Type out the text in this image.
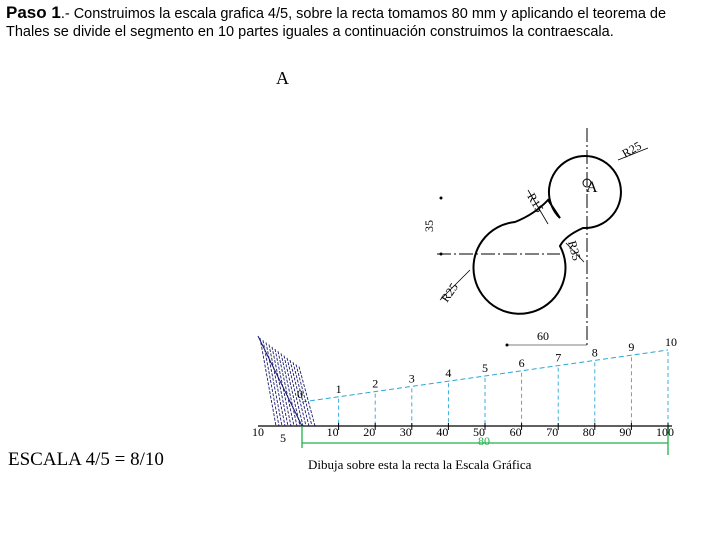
Paso 1.- Construimos la escala grafica 4/5, sobre la recta tomamos 80 mm y aplicando el teorema de Thales se divide el segmento en 10 partes iguales a continuación construimos la contraescala.
A
R25
A
R15
R35
R25
35
60
80
10 20 30 40 50 60 70 80 90 100
0	1	2	3	4	5	6	7	8	9	10
10 5
Dibuja sobre esta la recta la Escala Gráfica
ESCALA 4/5 = 8/10
